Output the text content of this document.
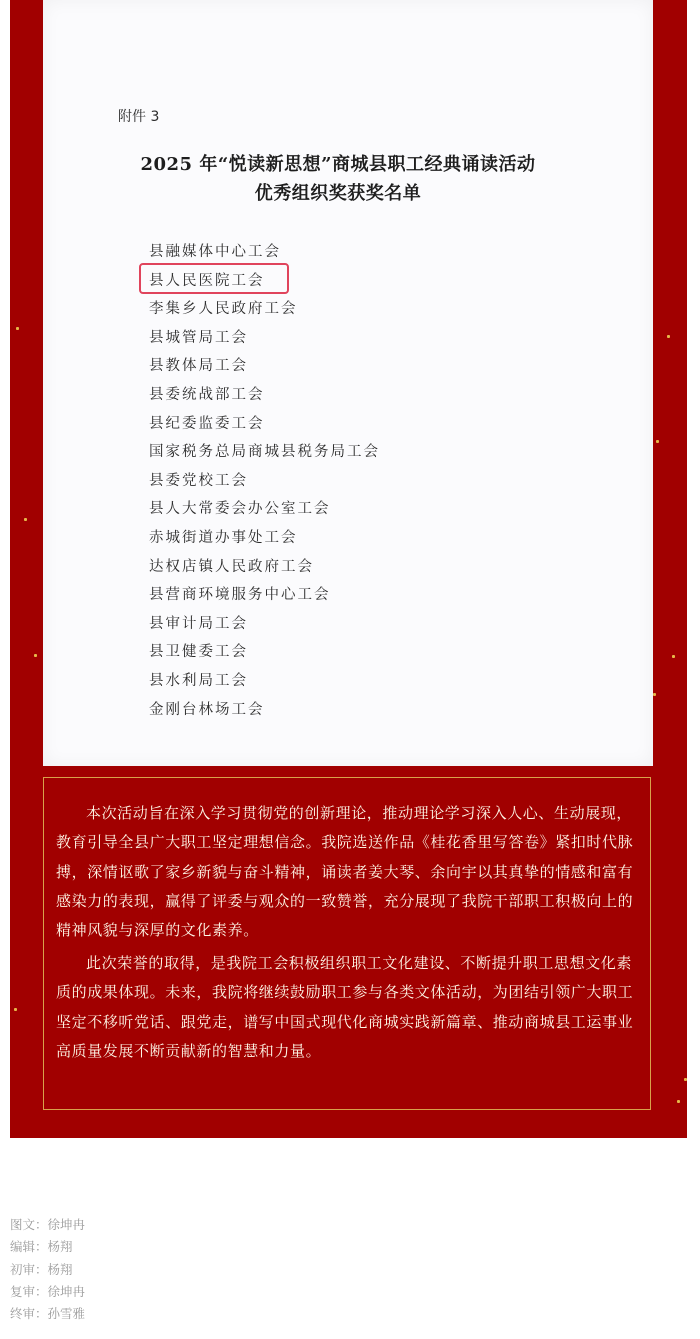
附件 3
2025 年“悦读新思想”商城县职工经典诵读活动
优秀组织奖获奖名单
县融媒体中心工会
县人民医院工会
李集乡人民政府工会
县城管局工会
县教体局工会
县委统战部工会
县纪委监委工会
国家税务总局商城县税务局工会
县委党校工会
县人大常委会办公室工会
赤城街道办事处工会
达权店镇人民政府工会
县营商环境服务中心工会
县审计局工会
县卫健委工会
县水利局工会
金刚台林场工会

本次活动旨在深入学习贯彻党的创新理论，推动理论学习深入人心、生动展现，教育引导全县广大职工坚定理想信念。我院选送作品《桂花香里写答卷》紧扣时代脉搏，深情讴歌了家乡新貌与奋斗精神，诵读者姜大琴、余向宇以其真挚的情感和富有感染力的表现，赢得了评委与观众的一致赞誉，充分展现了我院干部职工积极向上的精神风貌与深厚的文化素养。

此次荣誉的取得，是我院工会积极组织职工文化建设、不断提升职工思想文化素质的成果体现。未来，我院将继续鼓励职工参与各类文体活动，为团结引领广大职工坚定不移听党话、跟党走，谱写中国式现代化商城实践新篇章、推动商城县工运事业高质量发展不断贡献新的智慧和力量。

图文：徐坤冉
编辑：杨翔
初审：杨翔
复审：徐坤冉
终审：孙雪雅
